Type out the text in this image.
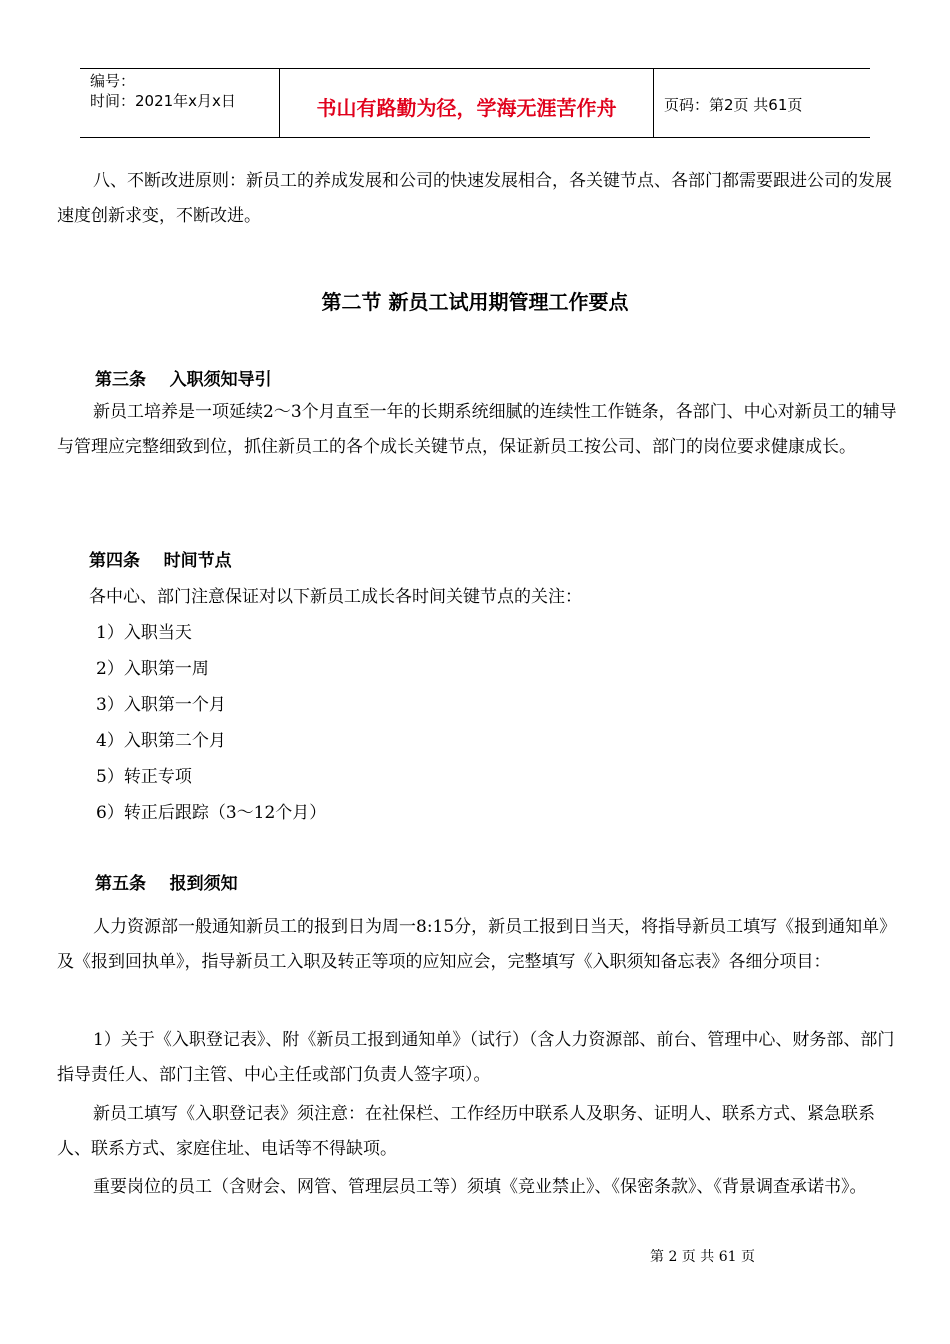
编号：
时间：2021年x月x日	书山有路勤为径，学海无涯苦作舟	页码：第2页 共61页

八、不断改进原则：新员工的养成发展和公司的快速发展相合，各关键节点、各部门都需要跟进公司的发展速度创新求变，不断改进。

第二节 新员工试用期管理工作要点
第三条    入职须知导引

新员工培养是一项延续2～3个月直至一年的长期系统细腻的连续性工作链条，各部门、中心对新员工的辅导与管理应完整细致到位，抓住新员工的各个成长关键节点，保证新员工按公司、部门的岗位要求健康成长。

第四条    时间节点

各中心、部门注意保证对以下新员工成长各时间关键节点的关注：

1）入职当天

2）入职第一周

3）入职第一个月

4）入职第二个月

5）转正专项

6）转正后跟踪（3～12个月）

第五条    报到须知

人力资源部一般通知新员工的报到日为周一8:15分，新员工报到日当天，将指导新员工填写《报到通知单》及《报到回执单》，指导新员工入职及转正等项的应知应会，完整填写《入职须知备忘表》各细分项目：

1）关于《入职登记表》、附《新员工报到通知单》（试行）（含人力资源部、前台、管理中心、财务部、部门指导责任人、部门主管、中心主任或部门负责人签字项）。

新员工填写《入职登记表》须注意：在社保栏、工作经历中联系人及职务、证明人、联系方式、紧急联系人、联系方式、家庭住址、电话等不得缺项。

重要岗位的员工（含财会、网管、管理层员工等）须填《竞业禁止》、《保密条款》、《背景调查承诺书》。

第 2 页 共 61 页
